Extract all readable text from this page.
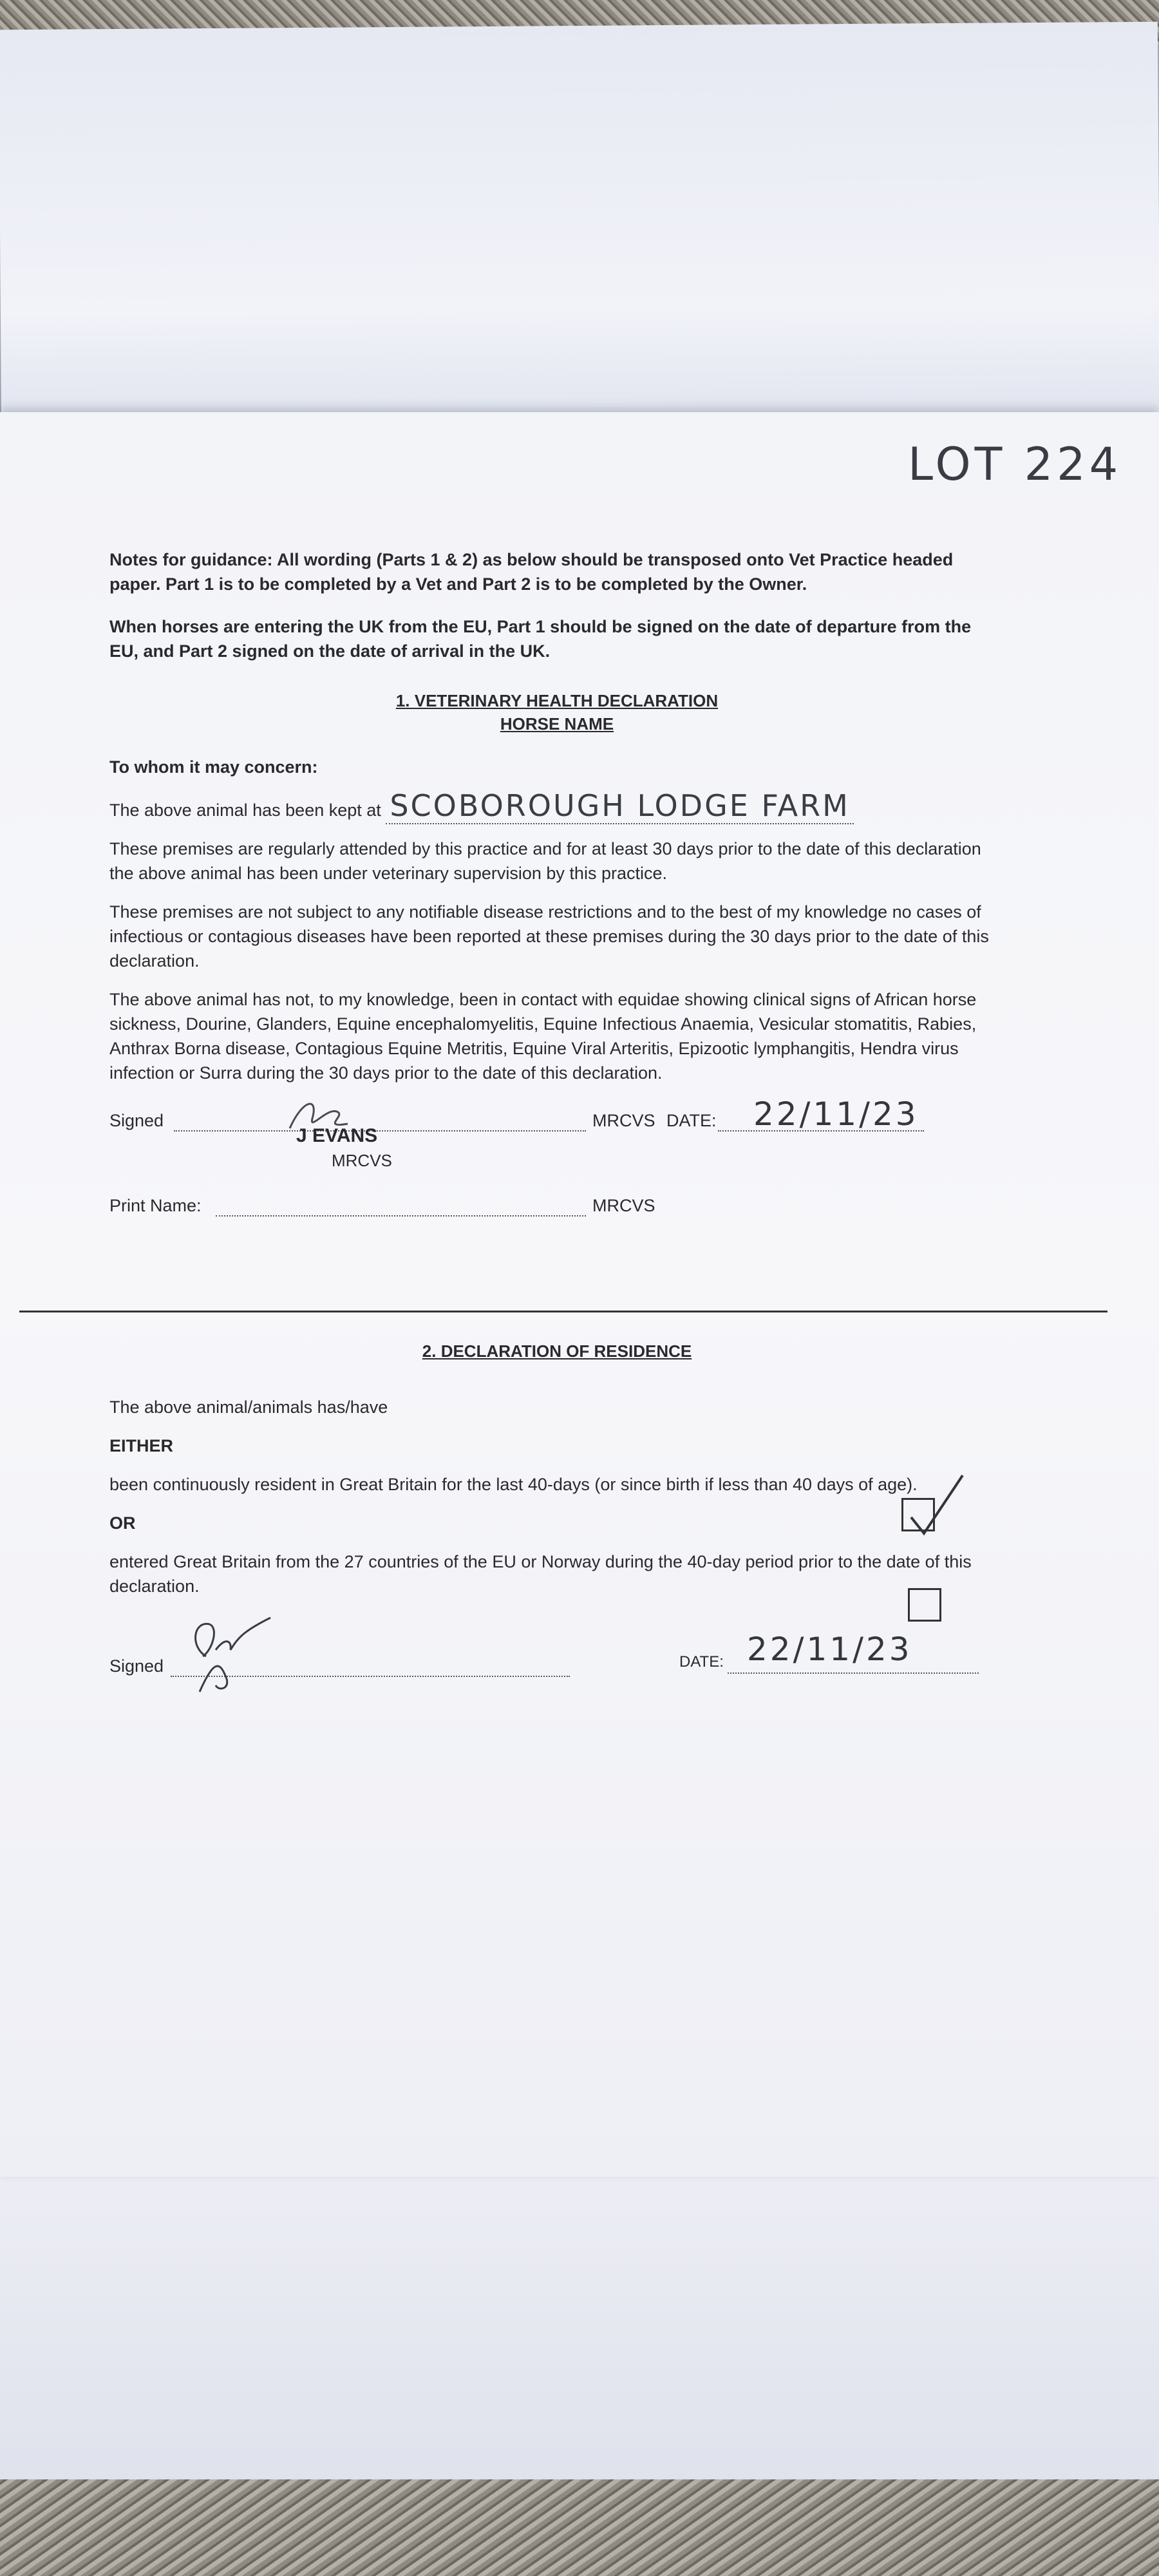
LOT 224
Notes for guidance: All wording (Parts 1 & 2) as below should be transposed onto Vet Practice headed paper. Part 1 is to be completed by a Vet and Part 2 is to be completed by the Owner.
When horses are entering the UK from the EU, Part 1 should be signed on the date of departure from the EU, and Part 2 signed on the date of arrival in the UK.
1. VETERINARY HEALTH DECLARATION
HORSE NAME

To whom it may concern:

The above animal has been kept at SCOBOROUGH LODGE FARM

These premises are regularly attended by this practice and for at least 30 days prior to the date of this declaration the above animal has been under veterinary supervision by this practice.

These premises are not subject to any notifiable disease restrictions and to the best of my knowledge no cases of infectious or contagious diseases have been reported at these premises during the 30 days prior to the date of this declaration.

The above animal has not, to my knowledge, been in contact with equidae showing clinical signs of African horse sickness, Dourine, Glanders, Equine encephalomyelitis, Equine Infectious Anaemia, Vesicular stomatitis, Rabies, Anthrax Borna disease, Contagious Equine Metritis, Equine Viral Arteritis, Epizootic lymphangitis, Hendra virus infection or Surra during the 30 days prior to the date of this declaration.

Signed
J EVANS
MRCVS
MRCVS DATE: 22/11/23
Print Name:	MRCVS
2. DECLARATION OF RESIDENCE

The above animal/animals has/have

EITHER

been continuously resident in Great Britain for the last 40-days (or since birth if less than 40 days of age).

OR

entered Great Britain from the 27 countries of the EU or Norway during the 40-day period prior to the date of this declaration.

Signed	DATE: 22/11/23
